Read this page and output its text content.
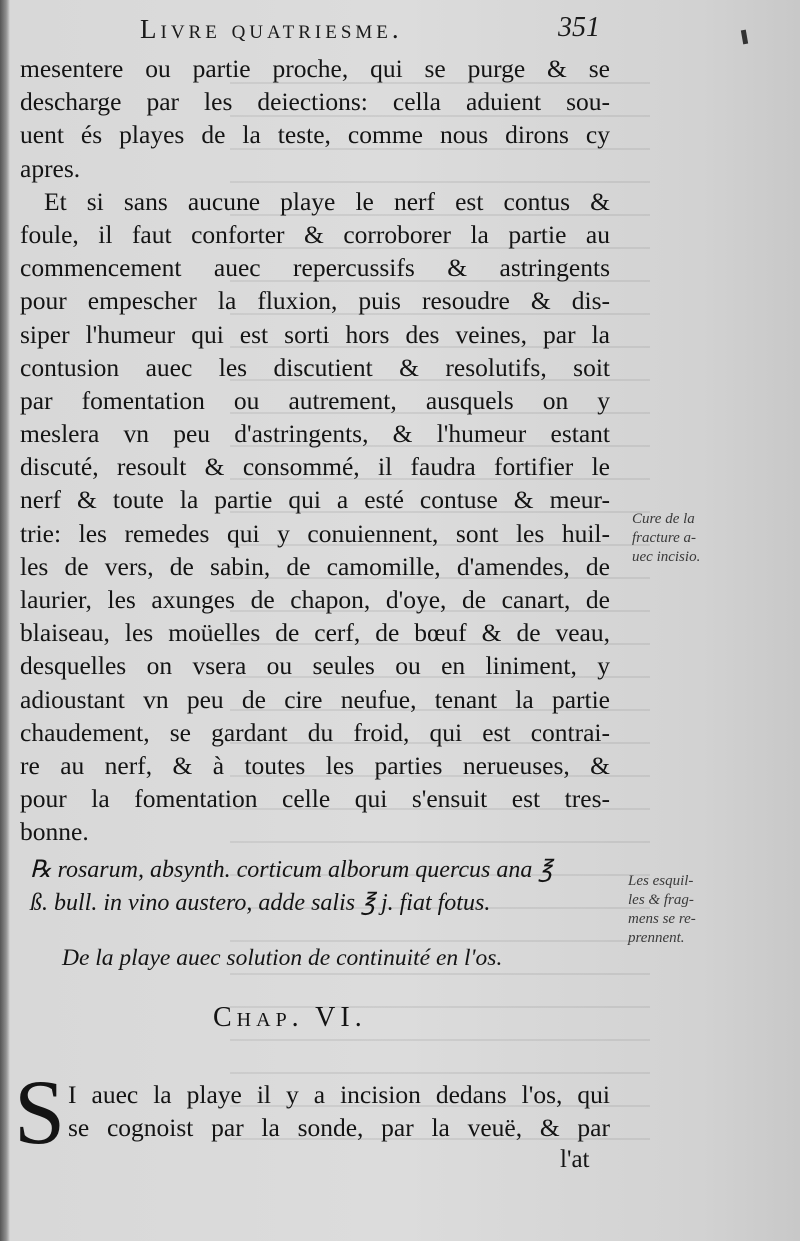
Livre quatriesme.	351
mesentere ou partie proche, qui se purge & se
descharge par les deiections: cella aduient sou-
uent és playes de la teste, comme nous dirons cy
apres.
Et si sans aucune playe le nerf est contus &
foule, il faut conforter & corroborer la partie au
commencement auec repercussifs & astringents
pour empescher la fluxion, puis resoudre & dis-
siper l'humeur qui est sorti hors des veines, par la
contusion auec les discutient & resolutifs, soit
par fomentation ou autrement, ausquels on y
meslera vn peu d'astringents, & l'humeur estant
discuté, resoult & consommé, il faudra fortifier le
nerf & toute la partie qui a esté contuse & meur-
trie: les remedes qui y conuiennent, sont les huil-
les de vers, de sabin, de camomille, d'amendes, de
laurier, les axunges de chapon, d'oye, de canart, de
blaiseau, les moüelles de cerf, de bœuf & de veau,
desquelles on vsera ou seules ou en liniment, y
adioustant vn peu de cire neufue, tenant la partie
chaudement, se gardant du froid, qui est contrai-
re au nerf, & à toutes les parties nerueuses, &
pour la fomentation celle qui s'ensuit est tres-
bonne.
℞ rosarum, absynth. corticum alborum quercus ana ℥
ß. bull. in vino austero, adde salis ℥ j. fiat fotus.
De la playe auec solution de continuité en l'os.
Chap. VI.
S I auec la playe il y a incision dedans l'os, qui
se cognoist par la sonde, par la veuë, & par
l'at
Cure de la
fracture a-
uec incisio.
Les esquil-
les & frag-
mens se re-
prennent.
